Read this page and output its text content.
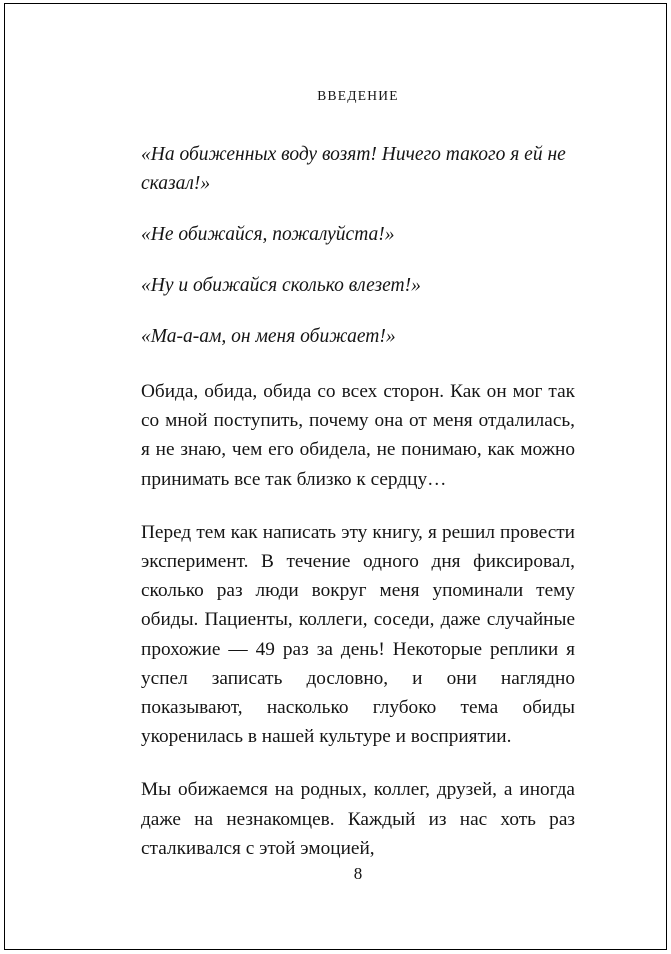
ВВЕДЕНИЕ

«На обиженных воду возят! Ничего такого я ей не сказал!»

«Не обижайся, пожалуйста!»

«Ну и обижайся сколько влезет!»

«Ма-а-ам, он меня обижает!»

Обида, обида, обида со всех сторон. Как он мог так со мной поступить, почему она от меня отдалилась, я не знаю, чем его обидела, не понимаю, как можно принимать все так близко к сердцу…

Перед тем как написать эту книгу, я решил провести эксперимент. В течение одного дня фиксировал, сколько раз люди вокруг меня упоминали тему обиды. Пациенты, коллеги, соседи, даже случайные прохожие — 49 раз за день! Некоторые реплики я успел записать дословно, и они наглядно показывают, насколько глубоко тема обиды укоренилась в нашей культуре и восприятии.

Мы обижаемся на родных, коллег, друзей, а иногда даже на незнакомцев. Каждый из нас хоть раз сталкивался с этой эмоцией,

8
